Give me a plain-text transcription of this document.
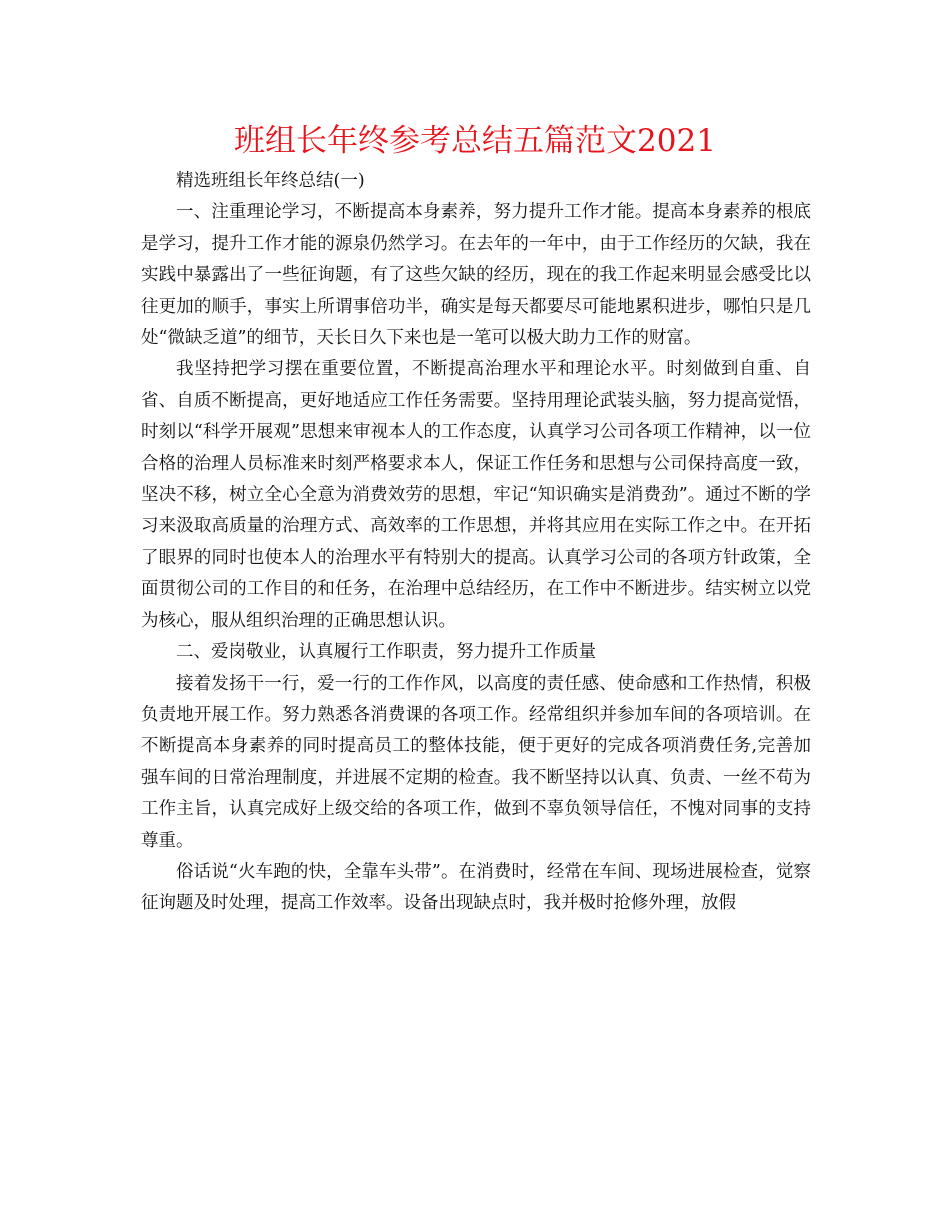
班组长年终参考总结五篇范文2021

精选班组长年终总结(一)

一、注重理论学习，不断提高本身素养，努力提升工作才能。提高本身素养的根底是学习，提升工作才能的源泉仍然学习。在去年的一年中，由于工作经历的欠缺，我在实践中暴露出了一些征询题，有了这些欠缺的经历，现在的我工作起来明显会感受比以往更加的顺手，事实上所谓事倍功半，确实是每天都要尽可能地累积进步，哪怕只是几处“微缺乏道”的细节，天长日久下来也是一笔可以极大助力工作的财富。

我坚持把学习摆在重要位置，不断提高治理水平和理论水平。时刻做到自重、自省、自质不断提高，更好地适应工作任务需要。坚持用理论武装头脑，努力提高觉悟，时刻以“科学开展观”思想来审视本人的工作态度，认真学习公司各项工作精神，以一位合格的治理人员标准来时刻严格要求本人，保证工作任务和思想与公司保持高度一致，坚决不移，树立全心全意为消费效劳的思想，牢记“知识确实是消费劲”。通过不断的学习来汲取高质量的治理方式、高效率的工作思想，并将其应用在实际工作之中。在开拓了眼界的同时也使本人的治理水平有特别大的提高。认真学习公司的各项方针政策，全面贯彻公司的工作目的和任务，在治理中总结经历，在工作中不断进步。结实树立以党为核心，服从组织治理的正确思想认识。

二、爱岗敬业，认真履行工作职责，努力提升工作质量

接着发扬干一行，爱一行的工作作风，以高度的责任感、使命感和工作热情，积极负责地开展工作。努力熟悉各消费课的各项工作。经常组织并参加车间的各项培训。在不断提高本身素养的同时提高员工的整体技能，便于更好的完成各项消费任务,完善加强车间的日常治理制度，并进展不定期的检查。我不断坚持以认真、负责、一丝不苟为工作主旨，认真完成好上级交给的各项工作，做到不辜负领导信任，不愧对同事的支持尊重。

俗话说“火车跑的快，全靠车头带”。在消费时，经常在车间、现场进展检查，觉察征询题及时处理，提高工作效率。设备出现缺点时，我并极时抢修外理，放假
